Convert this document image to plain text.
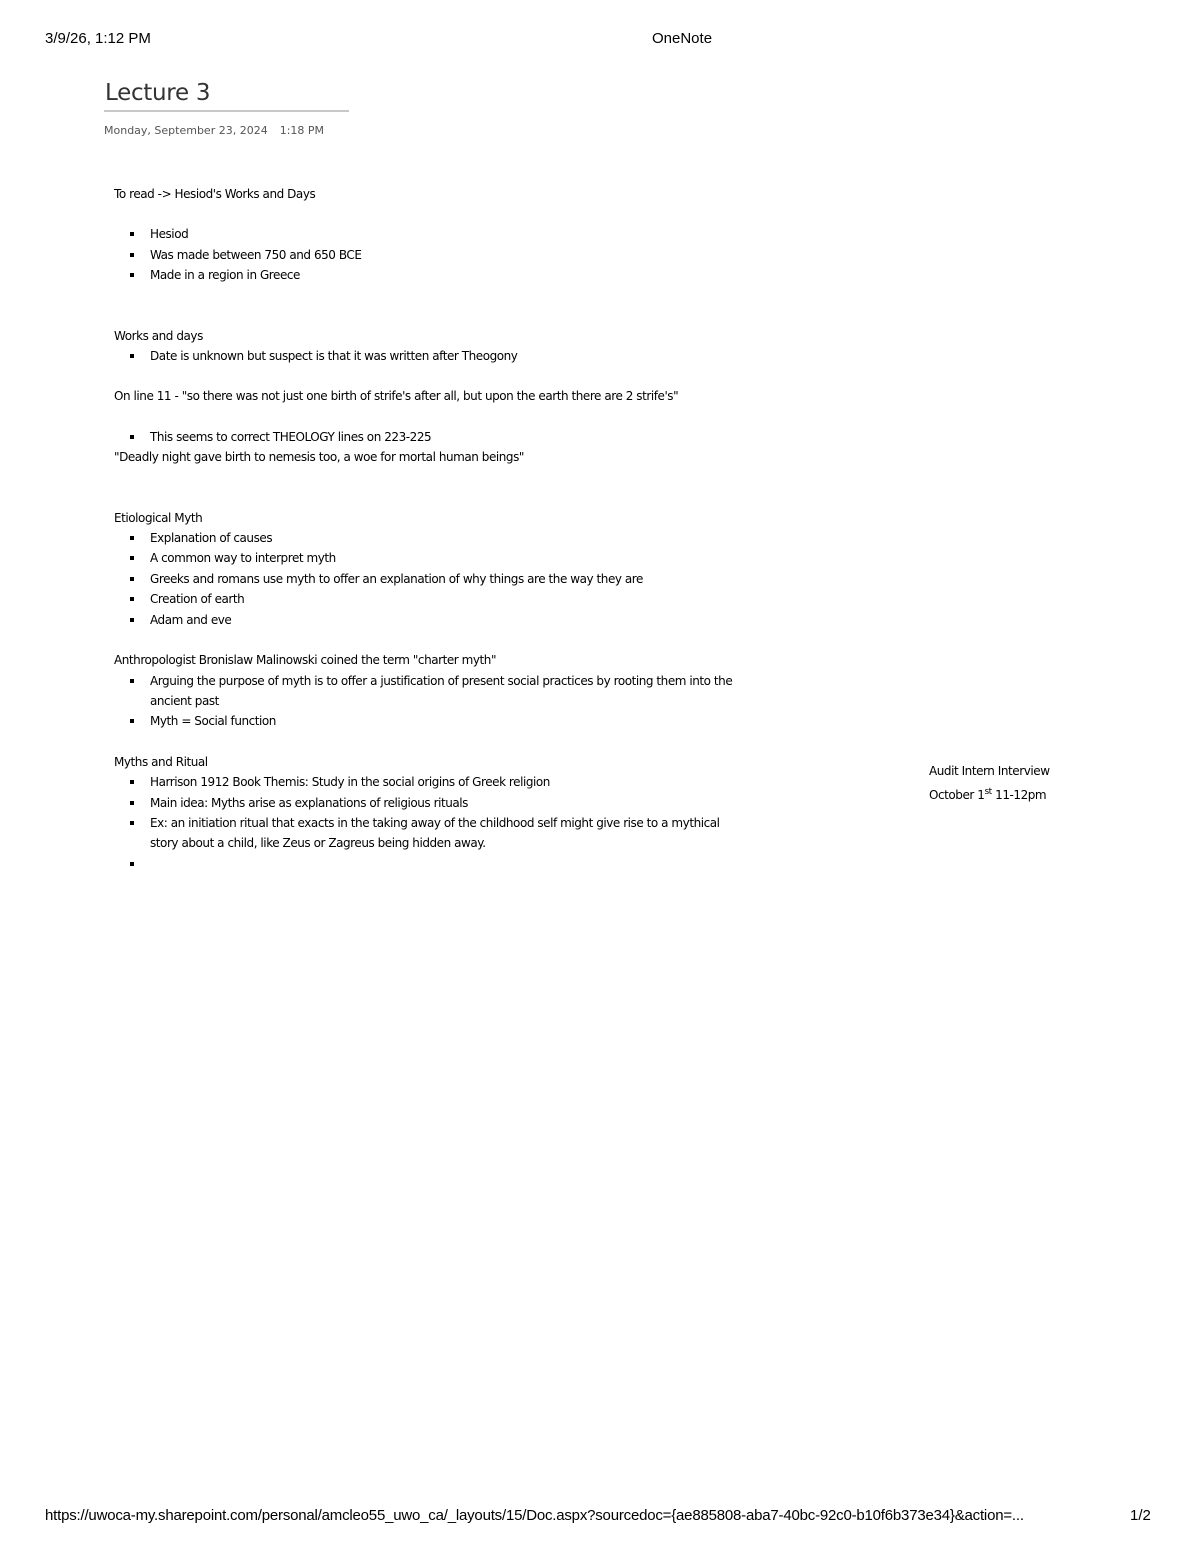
3/9/26, 1:12 PM	OneNote
Lecture 3
Monday, September 23, 2024 1:18 PM

To read -> Hesiod's Works and Days

Hesiod
Was made between 750 and 650 BCE
Made in a region in Greece

Works and days

Date is unknown but suspect is that it was written after Theogony

On line 11 - "so there was not just one birth of strife's after all, but upon the earth there are 2 strife's"

This seems to correct THEOLOGY lines on 223-225

"Deadly night gave birth to nemesis too, a woe for mortal human beings"

Etiological Myth

Explanation of causes
A common way to interpret myth
Greeks and romans use myth to offer an explanation of why things are the way they are
Creation of earth
Adam and eve

Anthropologist Bronislaw Malinowski coined the term "charter myth"

Arguing the purpose of myth is to offer a justification of present social practices by rooting them into the ancient past
Myth = Social function

Myths and Ritual

Harrison 1912 Book Themis: Study in the social origins of Greek religion
Main idea: Myths arise as explanations of religious rituals
Ex: an initiation ritual that exacts in the taking away of the childhood self might give rise to a mythical story about a child, like Zeus or Zagreus being hidden away.

Audit Intern Interview
October 1st 11-12pm
https://uwoca-my.sharepoint.com/personal/amcleo55_uwo_ca/_layouts/15/Doc.aspx?sourcedoc={ae885808-aba7-40bc-92c0-b10f6b373e34}&action=...	1/2
